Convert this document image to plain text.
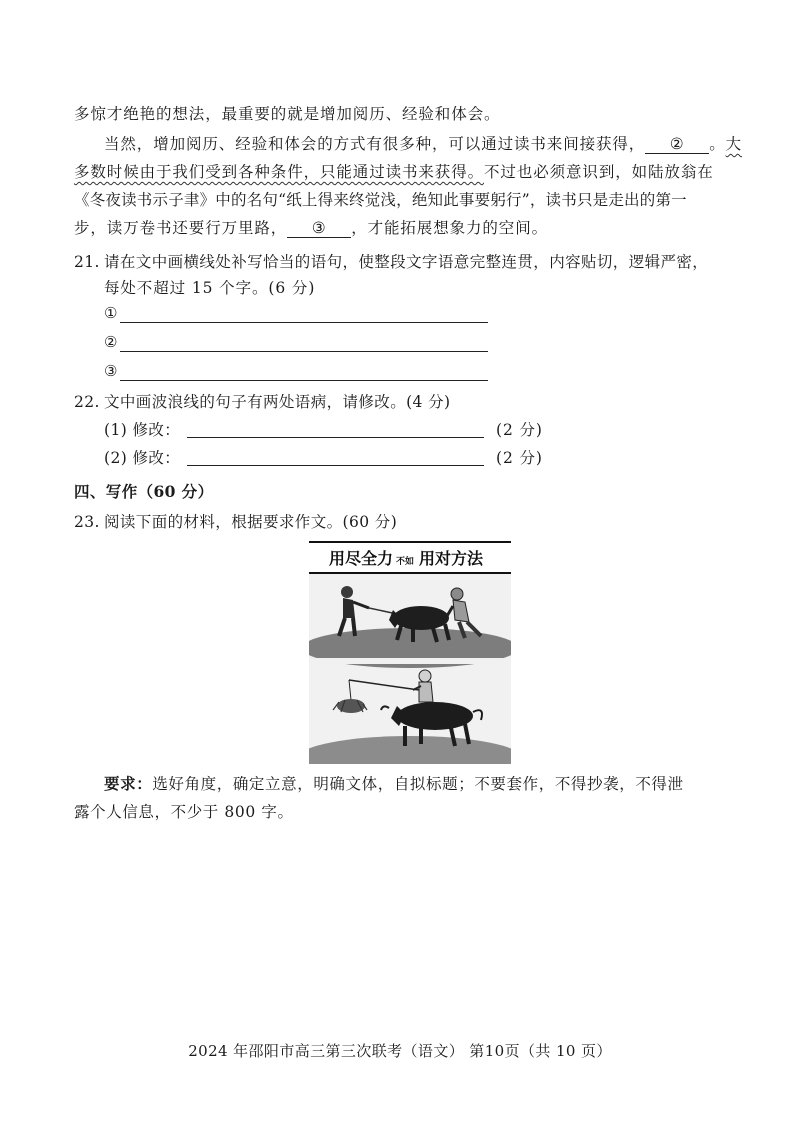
多惊才绝艳的想法，最重要的就是增加阅历、经验和体会。
当然，增加阅历、经验和体会的方式有很多种，可以通过读书来间接获得， ② 。大
多数时候由于我们受到各种条件，只能通过读书来获得。不过也必须意识到，如陆放翁在
《冬夜读书示子聿》中的名句“纸上得来终觉浅，绝知此事要躬行”，读书只是走出的第一
步，读万卷书还要行万里路， ③ ，才能拓展想象力的空间。
21. 请在文中画横线处补写恰当的语句，使整段文字语意完整连贯，内容贴切，逻辑严密，
每处不超过 15 个字。(6 分)
①
②
③
22. 文中画波浪线的句子有两处语病，请修改。(4 分)
(1) 修改：	(2 分)
(2) 修改：	(2 分)
四、写作（60 分）
23. 阅读下面的材料，根据要求作文。(60 分)
用尽全力 不如 用对方法
要求：选好角度，确定立意，明确文体，自拟标题；不要套作，不得抄袭，不得泄
露个人信息，不少于 800 字。
2024 年邵阳市高三第三次联考（语文） 第10页（共 10 页）
